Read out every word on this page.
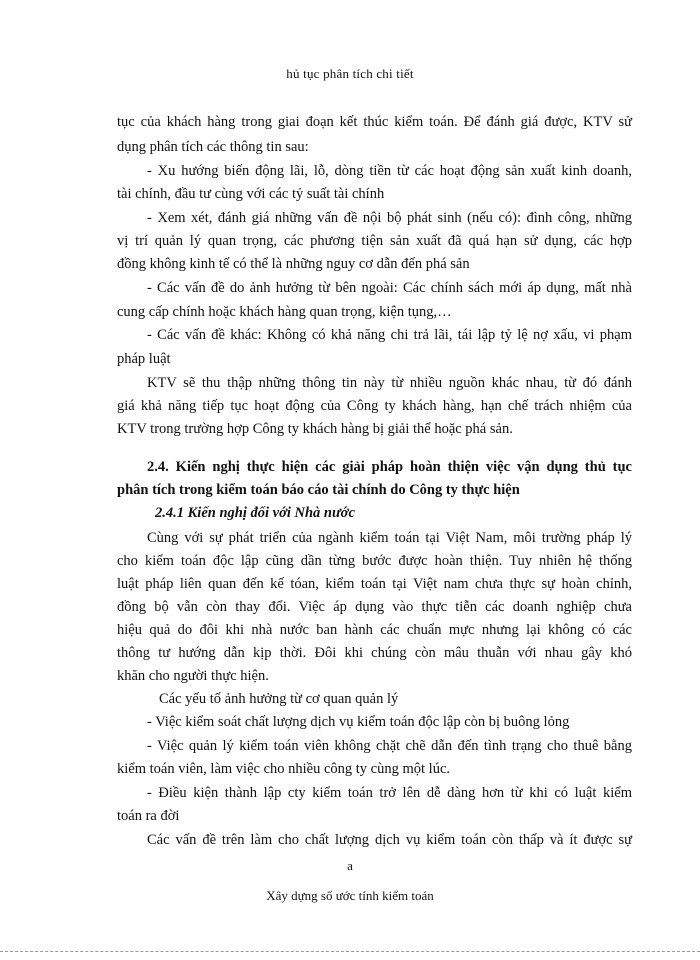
hủ tục phân tích chi tiết
tục của khách hàng trong giai đoạn kết thúc kiểm toán. Để đánh giá được, KTV sử
dụng phân tích các thông tin sau:
- Xu hướng biến động lãi, lỗ, dòng tiền từ các hoạt động sản xuất kinh doanh,
tài chính, đầu tư cùng với các tỷ suất tài chính
- Xem xét, đánh giá những vấn đề nội bộ phát sinh (nếu có): đình công, những
vị trí quản lý quan trọng, các phương tiện sản xuất đã quá hạn sử dụng, các hợp
đồng không kinh tế có thể là những nguy cơ dẫn đến phá sản
- Các vấn đề do ảnh hưởng từ bên ngoài: Các chính sách mới áp dụng, mất nhà
cung cấp chính hoặc khách hàng quan trọng, kiện tụng,…
- Các vấn đề khác: Không có khả năng chi trả lãi, tái lập tỷ lệ nợ xấu, vi phạm
pháp luật
KTV sẽ thu thập những thông tin này từ nhiều nguồn khác nhau, từ đó đánh
giá khả năng tiếp tục hoạt động của Công ty khách hàng, hạn chế trách nhiệm của
KTV trong trường hợp Công ty khách hàng bị giải thể hoặc phá sản.
2.4. Kiến nghị thực hiện các giải pháp hoàn thiện việc vận dụng thủ tục
phân tích trong kiểm toán báo cáo tài chính do Công ty thực hiện
2.4.1 Kiến nghị đối với Nhà nước
Cùng với sự phát triển của ngành kiểm toán tại Việt Nam, môi trường pháp lý
cho kiểm toán độc lập cũng dần từng bước được hoàn thiện. Tuy nhiên hệ thống
luật pháp liên quan đến kế tóan, kiểm toán tại Việt nam chưa thực sự hoàn chỉnh,
đồng bộ vẫn còn thay đổi. Việc áp dụng vào thực tiễn các doanh nghiệp chưa
hiệu quả do đôi khi nhà nước ban hành các chuẩn mực nhưng lại không có các
thông tư hướng dẫn kịp thời. Đôi khi chúng còn mâu thuẫn với nhau gây khó
khăn cho người thực hiện.
Các yếu tố ảnh hưởng từ cơ quan quản lý
- Việc kiểm soát chất lượng dịch vụ kiểm toán độc lập còn bị buông lỏng
- Việc quản lý kiểm toán viên không chặt chẽ dẫn đến tình trạng cho thuê bằng
kiểm toán viên, làm việc cho nhiều công ty cùng một lúc.
- Điều kiện thành lập cty kiểm toán trở lên dễ dàng hơn từ khi có luật kiểm
toán ra đời
Các vấn đề trên làm cho chất lượng dịch vụ kiểm toán còn thấp và ít được sự
a
Xây dựng số ước tính kiểm toán
